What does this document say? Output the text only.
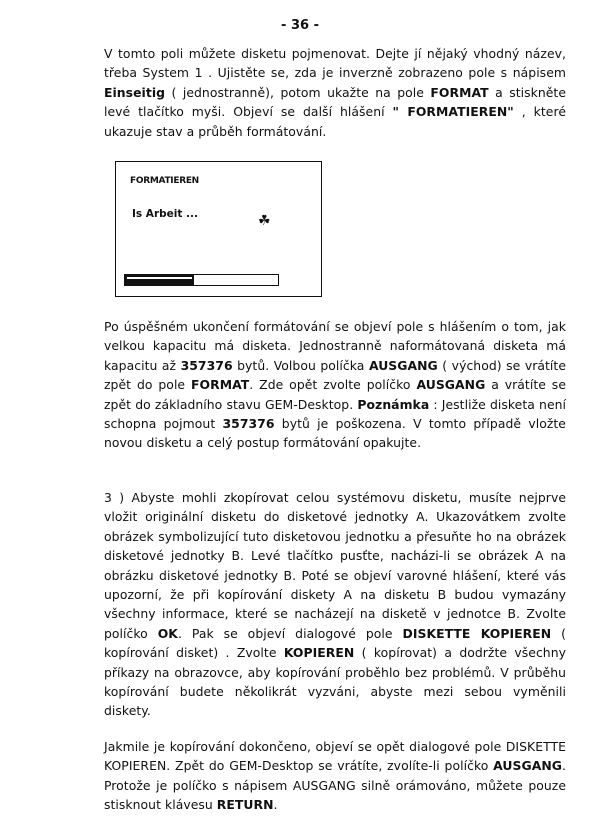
- 36 -

V tomto poli můžete disketu pojmenovat. Dejte jí nějaký vhodný název, třeba System 1 . Ujistěte se, zda je inverzně zobrazeno pole s nápisem Einseitig ( jednostranně), potom ukažte na pole FORMAT a stiskněte levé tlačítko myši. Objeví se další hlášení " FORMATIEREN" , které ukazuje stav a průběh formátování.

FORMATIEREN
Is Arbeit ...	☘

Po úspěšném ukončení formátování se objeví pole s hlášením o tom, jak velkou kapacitu má disketa. Jednostranně naformátovaná disketa má kapacitu až 357376 bytů. Volbou políčka AUSGANG ( východ) se vrátíte zpět do pole FORMAT. Zde opět zvolte políčko AUSGANG a vrátíte se zpět do základního stavu GEM-Desktop. Poznámka : Jestliže disketa není schopna pojmout 357376 bytů je poškozena. V tomto případě vložte novou disketu a celý postup formátování opakujte.

3 ) Abyste mohli zkopírovat celou systémovu disketu, musíte nejprve vložit originální disketu do disketové jednotky A. Ukazovátkem zvolte obrázek symbolizující tuto disketovou jednotku a přesuňte ho na obrázek disketové jednotky B. Levé tlačítko pusťte, nacházi-li se obrázek A na obrázku disketové jednotky B. Poté se objeví varovné hlášení, které vás upozorní, že při kopírování diskety A na disketu B budou vymazány všechny informace, které se nacházejí na disketě v jednotce B. Zvolte políčko OK. Pak se objeví dialogové pole DISKETTE KOPIEREN ( kopírování disket) . Zvolte KOPIEREN ( kopírovat) a dodržte všechny příkazy na obrazovce, aby kopírování proběhlo bez problémů. V průběhu kopírování budete několikrát vyzváni, abyste mezi sebou vyměnili diskety.

Jakmile je kopírování dokončeno, objeví se opět dialogové pole DISKETTE KOPIEREN. Zpět do GEM-Desktop se vrátíte, zvolíte-li políčko AUSGANG. Protože je políčko s nápisem AUSGANG silně orámováno, můžete pouze stisknout klávesu RETURN.
